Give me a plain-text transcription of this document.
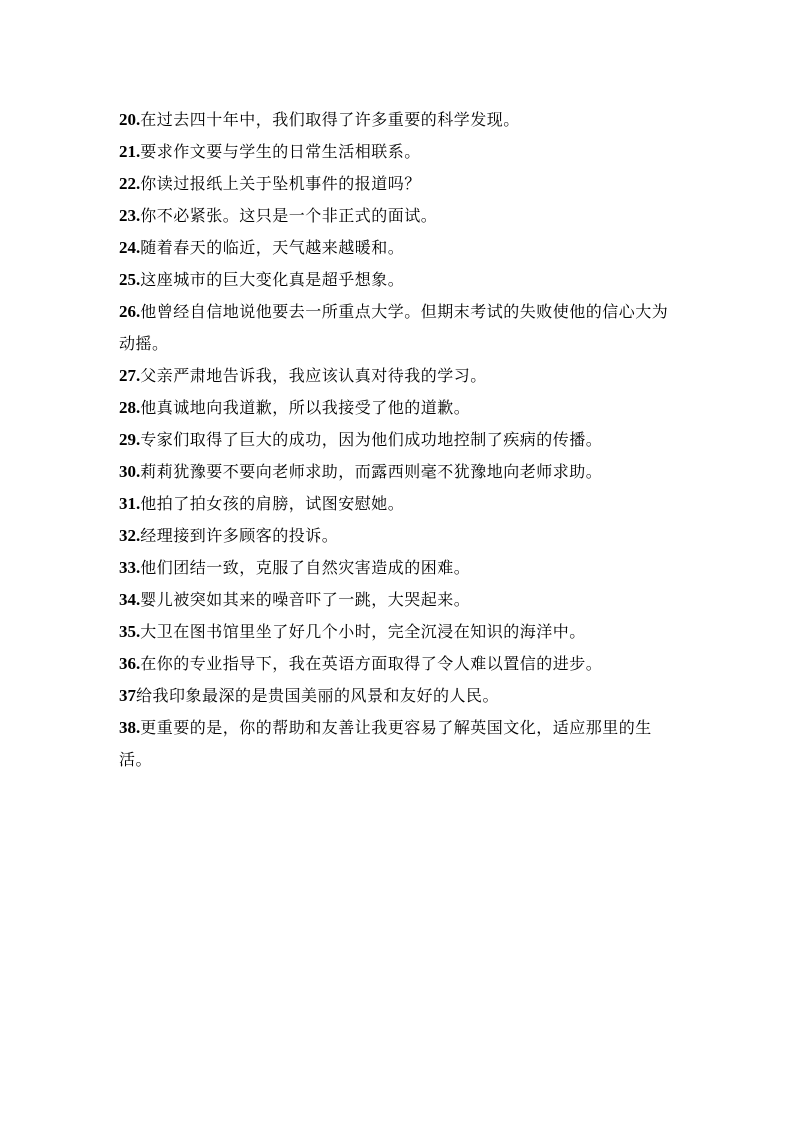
20.在过去四十年中，我们取得了许多重要的科学发现。

21.要求作文要与学生的日常生活相联系。

22.你读过报纸上关于坠机事件的报道吗？

23.你不必紧张。这只是一个非正式的面试。

24.随着春天的临近，天气越来越暖和。

25.这座城市的巨大变化真是超乎想象。

26.他曾经自信地说他要去一所重点大学。但期末考试的失败使他的信心大为动摇。

27.父亲严肃地告诉我，我应该认真对待我的学习。

28.他真诚地向我道歉，所以我接受了他的道歉。

29.专家们取得了巨大的成功，因为他们成功地控制了疾病的传播。

30.莉莉犹豫要不要向老师求助，而露西则毫不犹豫地向老师求助。

31.他拍了拍女孩的肩膀，试图安慰她。

32.经理接到许多顾客的投诉。

33.他们团结一致，克服了自然灾害造成的困难。

34.婴儿被突如其来的噪音吓了一跳，大哭起来。

35.大卫在图书馆里坐了好几个小时，完全沉浸在知识的海洋中。

36.在你的专业指导下，我在英语方面取得了令人难以置信的进步。

37给我印象最深的是贵国美丽的风景和友好的人民。

38.更重要的是，你的帮助和友善让我更容易了解英国文化，适应那里的生活。
